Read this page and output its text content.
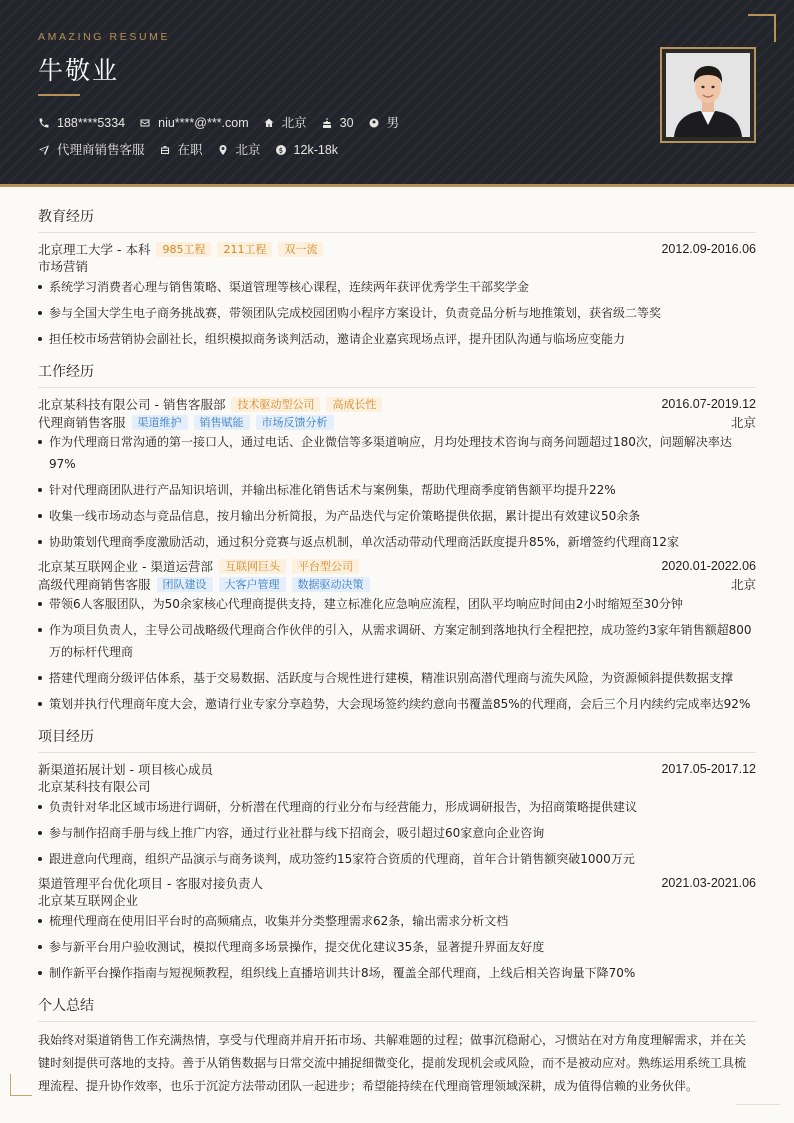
AMAZING RESUME
牛敬业
188****5334	niu****@***.com	北京	30	男
代理商销售客服	在职	北京	12k-18k
教育经历
北京理工大学 - 本科	985工程	211工程	双一流	2012.09-2016.06
市场营销
系统学习消费者心理与销售策略、渠道管理等核心课程，连续两年获评优秀学生干部奖学金
参与全国大学生电子商务挑战赛，带领团队完成校园团购小程序方案设计，负责竞品分析与地推策划，获省级二等奖
担任校市场营销协会副社长，组织模拟商务谈判活动，邀请企业嘉宾现场点评，提升团队沟通与临场应变能力
工作经历
北京某科技有限公司 - 销售客服部	技术驱动型公司	高成长性	2016.07-2019.12
代理商销售客服	渠道维护	销售赋能	市场反馈分析	北京
作为代理商日常沟通的第一接口人，通过电话、企业微信等多渠道响应，月均处理技术咨询与商务问题超过180次，问题解决率达97%
针对代理商团队进行产品知识培训，并输出标准化销售话术与案例集，帮助代理商季度销售额平均提升22%
收集一线市场动态与竞品信息，按月输出分析简报，为产品迭代与定价策略提供依据，累计提出有效建议50余条
协助策划代理商季度激励活动，通过积分竞赛与返点机制，单次活动带动代理商活跃度提升85%，新增签约代理商12家
北京某互联网企业 - 渠道运营部	互联网巨头	平台型公司	2020.01-2022.06
高级代理商销售客服	团队建设	大客户管理	数据驱动决策	北京
带领6人客服团队，为50余家核心代理商提供支持，建立标准化应急响应流程，团队平均响应时间由2小时缩短至30分钟
作为项目负责人，主导公司战略级代理商合作伙伴的引入，从需求调研、方案定制到落地执行全程把控，成功签约3家年销售额超800万的标杆代理商
搭建代理商分级评估体系，基于交易数据、活跃度与合规性进行建模，精准识别高潜代理商与流失风险，为资源倾斜提供数据支撑
策划并执行代理商年度大会，邀请行业专家分享趋势，大会现场签约续约意向书覆盖85%的代理商，会后三个月内续约完成率达92%
项目经历
新渠道拓展计划 - 项目核心成员	2017.05-2017.12
北京某科技有限公司
负责针对华北区域市场进行调研，分析潜在代理商的行业分布与经营能力，形成调研报告，为招商策略提供建议
参与制作招商手册与线上推广内容，通过行业社群与线下招商会，吸引超过60家意向企业咨询
跟进意向代理商，组织产品演示与商务谈判，成功签约15家符合资质的代理商，首年合计销售额突破1000万元
渠道管理平台优化项目 - 客服对接负责人	2021.03-2021.06
北京某互联网企业
梳理代理商在使用旧平台时的高频痛点，收集并分类整理需求62条，输出需求分析文档
参与新平台用户验收测试，模拟代理商多场景操作，提交优化建议35条，显著提升界面友好度
制作新平台操作指南与短视频教程，组织线上直播培训共计8场，覆盖全部代理商，上线后相关咨询量下降70%
个人总结
我始终对渠道销售工作充满热情，享受与代理商并肩开拓市场、共解难题的过程；做事沉稳耐心，习惯站在对方角度理解需求，并在关键时刻提供可落地的支持。善于从销售数据与日常交流中捕捉细微变化，提前发现机会或风险，而不是被动应对。熟练运用系统工具梳理流程、提升协作效率，也乐于沉淀方法带动团队一起进步；希望能持续在代理商管理领域深耕，成为值得信赖的业务伙伴。
